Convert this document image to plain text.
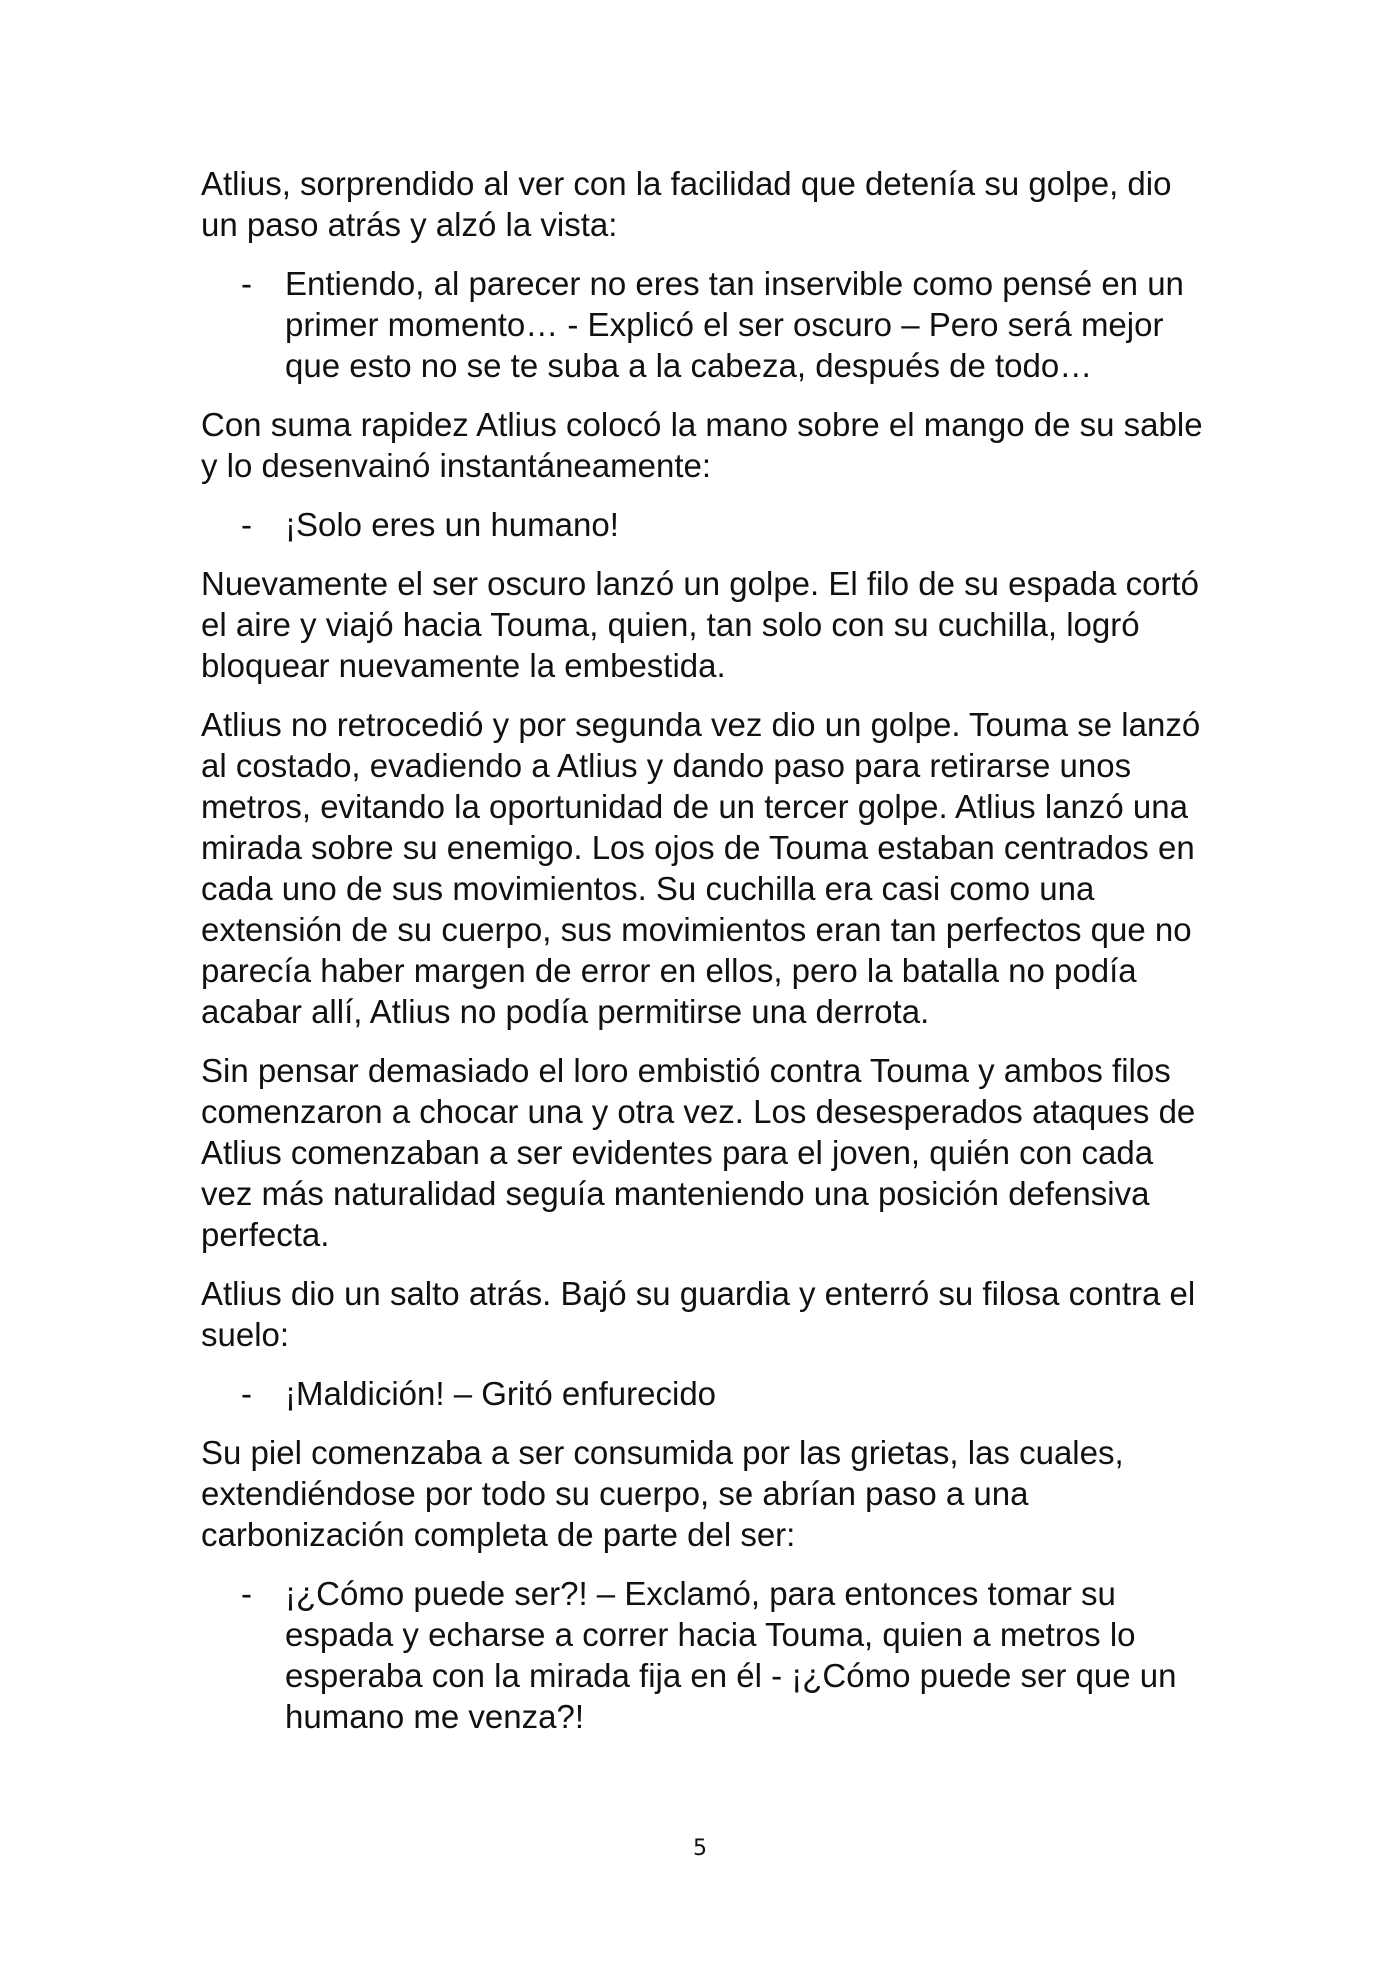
Atlius, sorprendido al ver con la facilidad que detenía su golpe, dio un paso atrás y alzó la vista:

- Entiendo, al parecer no eres tan inservible como pensé en un primer momento… - Explicó el ser oscuro – Pero será mejor que esto no se te suba a la cabeza, después de todo…

Con suma rapidez Atlius colocó la mano sobre el mango de su sable y lo desenvainó instantáneamente:

- ¡Solo eres un humano!

Nuevamente el ser oscuro lanzó un golpe. El filo de su espada cortó el aire y viajó hacia Touma, quien, tan solo con su cuchilla, logró bloquear nuevamente la embestida.

Atlius no retrocedió y por segunda vez dio un golpe. Touma se lanzó al costado, evadiendo a Atlius y dando paso para retirarse unos metros, evitando la oportunidad de un tercer golpe. Atlius lanzó una mirada sobre su enemigo. Los ojos de Touma estaban centrados en cada uno de sus movimientos. Su cuchilla era casi como una extensión de su cuerpo, sus movimientos eran tan perfectos que no parecía haber margen de error en ellos, pero la batalla no podía acabar allí, Atlius no podía permitirse una derrota.

Sin pensar demasiado el loro embistió contra Touma y ambos filos comenzaron a chocar una y otra vez. Los desesperados ataques de Atlius comenzaban a ser evidentes para el joven, quién con cada vez más naturalidad seguía manteniendo una posición defensiva perfecta.

Atlius dio un salto atrás. Bajó su guardia y enterró su filosa contra el suelo:

- ¡Maldición! – Gritó enfurecido

Su piel comenzaba a ser consumida por las grietas, las cuales, extendiéndose por todo su cuerpo, se abrían paso a una carbonización completa de parte del ser:

- ¡¿Cómo puede ser?! – Exclamó, para entonces tomar su espada y echarse a correr hacia Touma, quien a metros lo esperaba con la mirada fija en él - ¡¿Cómo puede ser que un humano me venza?!
5
